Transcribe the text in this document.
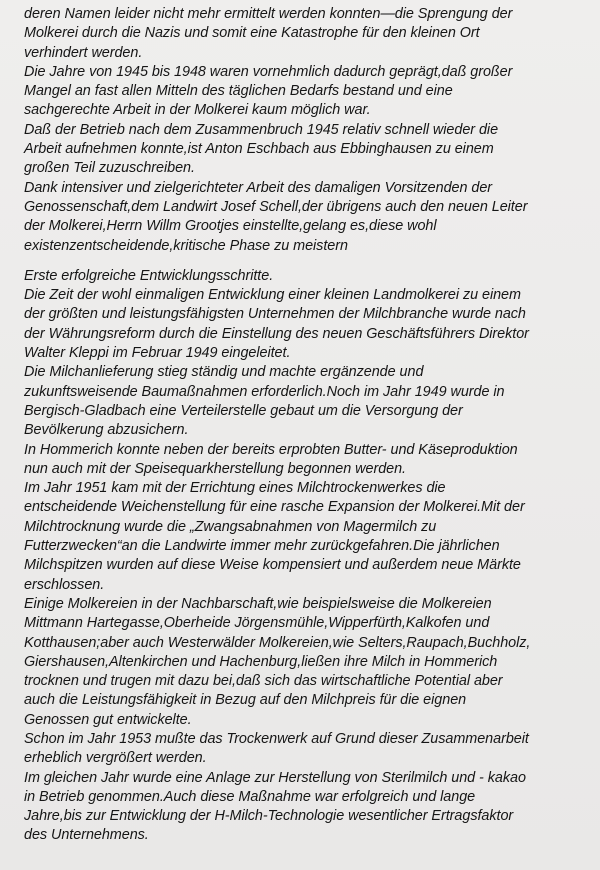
deren Namen leider nicht mehr ermittelt werden konnten—die Sprengung der
Molkerei durch die Nazis und somit eine Katastrophe für den kleinen Ort
verhindert werden.
Die Jahre von 1945 bis 1948 waren vornehmlich dadurch geprägt,daß großer
Mangel an fast allen Mitteln des täglichen Bedarfs bestand und eine
sachgerechte Arbeit in der Molkerei kaum möglich war.
Daß der Betrieb nach dem Zusammenbruch 1945 relativ schnell wieder die
Arbeit aufnehmen konnte,ist Anton Eschbach aus Ebbinghausen zu einem
großen Teil zuzuschreiben.
Dank intensiver und zielgerichteter Arbeit des damaligen Vorsitzenden der
Genossenschaft,dem Landwirt Josef Schell,der übrigens auch den neuen Leiter
der Molkerei,Herrn Willm Grootjes einstellte,gelang es,diese wohl
existenzentscheidende,kritische Phase zu meistern
Erste erfolgreiche Entwicklungsschritte.
Die Zeit der wohl einmaligen Entwicklung einer kleinen Landmolkerei zu einem
der größten und leistungsfähigsten Unternehmen der Milchbranche wurde nach
der Währungsreform durch die Einstellung des neuen Geschäftsführers Direktor
Walter Kleppi im Februar 1949 eingeleitet.
Die Milchanlieferung stieg ständig und machte ergänzende und
zukunftsweisende Baumaßnahmen erforderlich.Noch im Jahr 1949 wurde in
Bergisch-Gladbach eine Verteilerstelle gebaut um die Versorgung der
Bevölkerung abzusichern.
In Hommerich konnte neben der bereits erprobten Butter- und Käseproduktion
nun auch mit der Speisequarkherstellung begonnen werden.
Im Jahr 1951 kam mit der Errichtung eines Milchtrockenwerkes die
entscheidende Weichenstellung für eine rasche Expansion der Molkerei.Mit der
Milchtrocknung wurde die „Zwangsabnahmen von Magermilch zu
Futterzwecken“an die Landwirte immer mehr zurückgefahren.Die jährlichen
Milchspitzen wurden auf diese Weise kompensiert und außerdem neue Märkte
erschlossen.
Einige Molkereien in der Nachbarschaft,wie beispielsweise die Molkereien
Mittmann Hartegasse,Oberheide Jörgensmühle,Wipperfürth,Kalkofen und
Kotthausen;aber auch Westerwälder Molkereien,wie Selters,Raupach,Buchholz,
Giershausen,Altenkirchen und Hachenburg,ließen ihre Milch in Hommerich
trocknen und trugen mit dazu bei,daß sich das wirtschaftliche Potential aber
auch die Leistungsfähigkeit in Bezug auf den Milchpreis für die eignen
Genossen gut entwickelte.
Schon im Jahr 1953 mußte das Trockenwerk auf Grund dieser Zusammenarbeit
erheblich vergrößert werden.
Im gleichen Jahr wurde eine Anlage zur Herstellung von Sterilmilch und - kakao
in Betrieb genommen.Auch diese Maßnahme war erfolgreich und lange
Jahre,bis zur Entwicklung der H-Milch-Technologie wesentlicher Ertragsfaktor
des Unternehmens.
